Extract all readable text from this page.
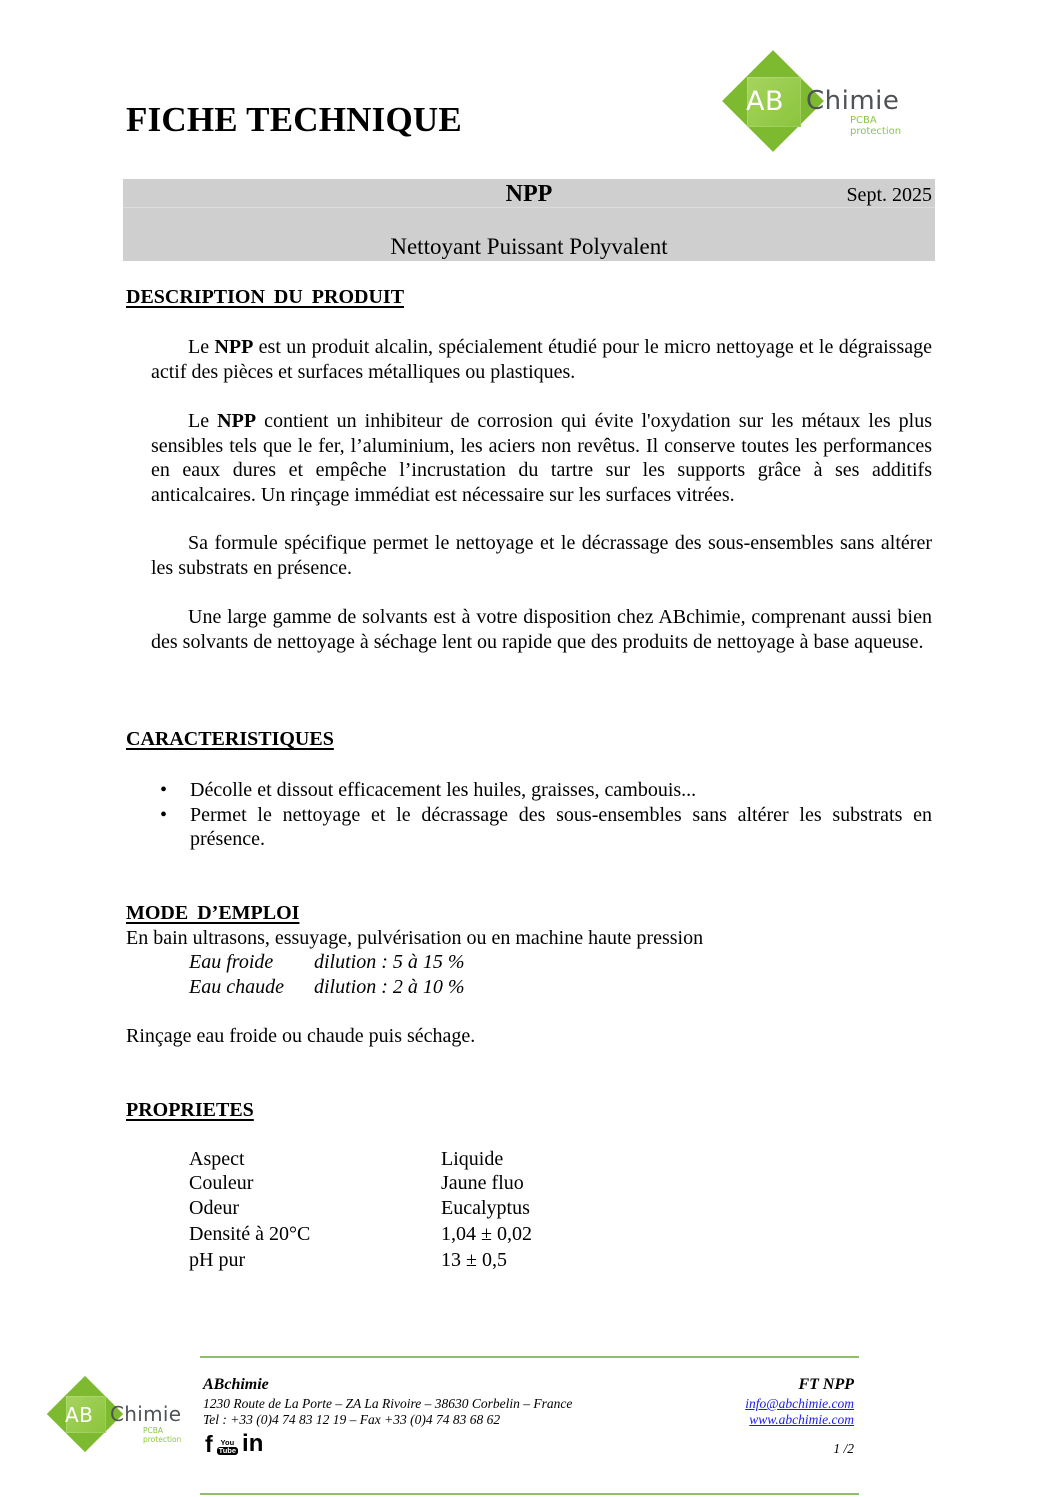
FICHE TECHNIQUE	AB Chimie
PCBA protection
NPP	Sept. 2025
Nettoyant Puissant Polyvalent
DESCRIPTION DU PRODUIT
Le NPP est un produit alcalin, spécialement étudié pour le micro nettoyage et le dégraissage actif des pièces et surfaces métalliques ou plastiques.
Le NPP contient un inhibiteur de corrosion qui évite l'oxydation sur les métaux les plus sensibles tels que le fer, l’aluminium, les aciers non revêtus. Il conserve toutes les performances en eaux dures et empêche l’incrustation du tartre sur les supports grâce à ses additifs anticalcaires. Un rinçage immédiat est nécessaire sur les surfaces vitrées.
Sa formule spécifique permet le nettoyage et le décrassage des sous-ensembles sans altérer les substrats en présence.
Une large gamme de solvants est à votre disposition chez ABchimie, comprenant aussi bien des solvants de nettoyage à séchage lent ou rapide que des produits de nettoyage à base aqueuse.
CARACTERISTIQUES
• Décolle et dissout efficacement les huiles, graisses, cambouis...
• Permet le nettoyage et le décrassage des sous-ensembles sans altérer les substrats en présence.
MODE D’EMPLOI
En bain ultrasons, essuyage, pulvérisation ou en machine haute pression
Eau froide dilution : 5 à 15 %
Eau chaude dilution : 2 à 10 %
Rinçage eau froide ou chaude puis séchage.
PROPRIETES
Aspect	Liquide
Couleur	Jaune fluo
Odeur	Eucalyptus
Densité à 20°C	1,04 ± 0,02
pH pur	13 ± 0,5
AB Chimie
PCBA protection
ABchimie
1230 Route de La Porte – ZA La Rivoire – 38630 Corbelin – France
Tel : +33 (0)4 74 83 12 19 – Fax +33 (0)4 74 83 68 62
f You
Tube in
FT NPP
info@abchimie.com
www.abchimie.com
1 /2
